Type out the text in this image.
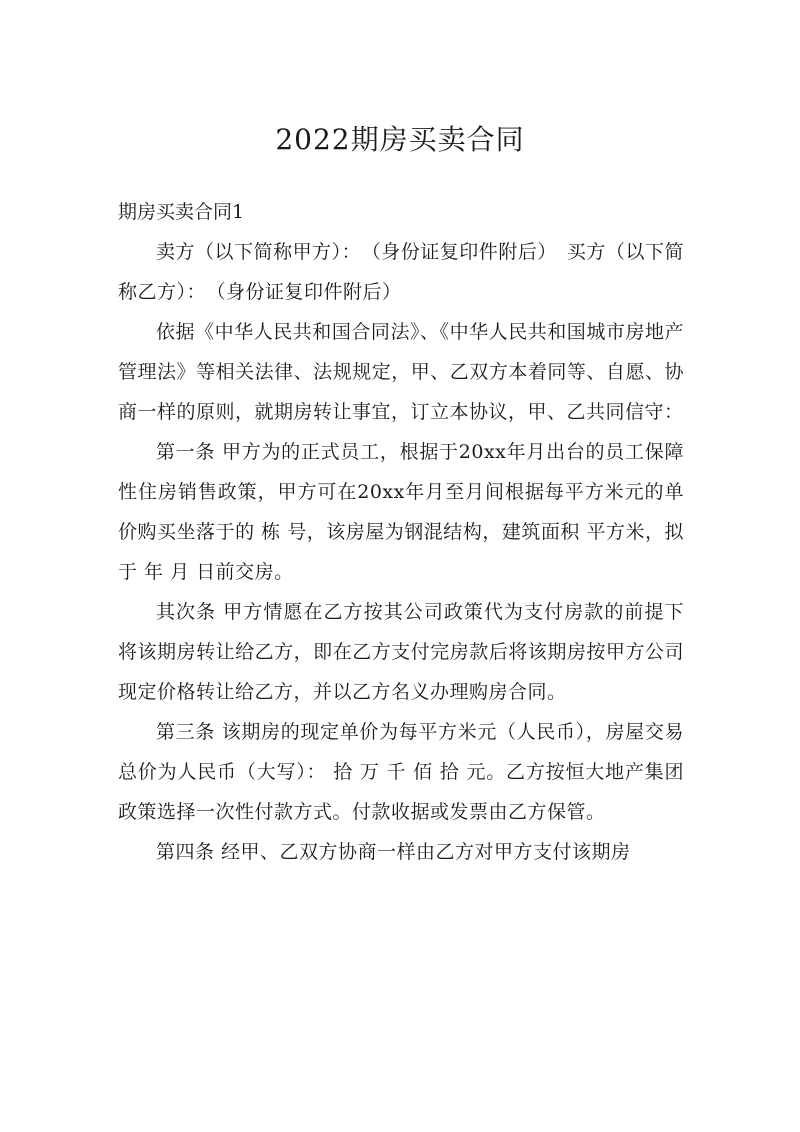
2022期房买卖合同

期房买卖合同1

卖方（以下简称甲方）：　（身份证复印件附后）　买方（以下简称乙方）：　（身份证复印件附后）

依据《中华人民共和国合同法》、《中华人民共和国城市房地产管理法》等相关法律、法规规定，甲、乙双方本着同等、自愿、协商一样的原则，就期房转让事宜，订立本协议，甲、乙共同信守：

第一条 甲方为的正式员工，根据于20xx年月出台的员工保障性住房销售政策，甲方可在20xx年月至月间根据每平方米元的单价购买坐落于的 栋 号，该房屋为钢混结构，建筑面积 平方米，拟于 年 月 日前交房。

其次条 甲方情愿在乙方按其公司政策代为支付房款的前提下将该期房转让给乙方，即在乙方支付完房款后将该期房按甲方公司现定价格转让给乙方，并以乙方名义办理购房合同。

第三条 该期房的现定单价为每平方米元（人民币），房屋交易总价为人民币（大写）： 拾 万 千 佰 拾 元。乙方按恒大地产集团政策选择一次性付款方式。付款收据或发票由乙方保管。

第四条 经甲、乙双方协商一样由乙方对甲方支付该期房
